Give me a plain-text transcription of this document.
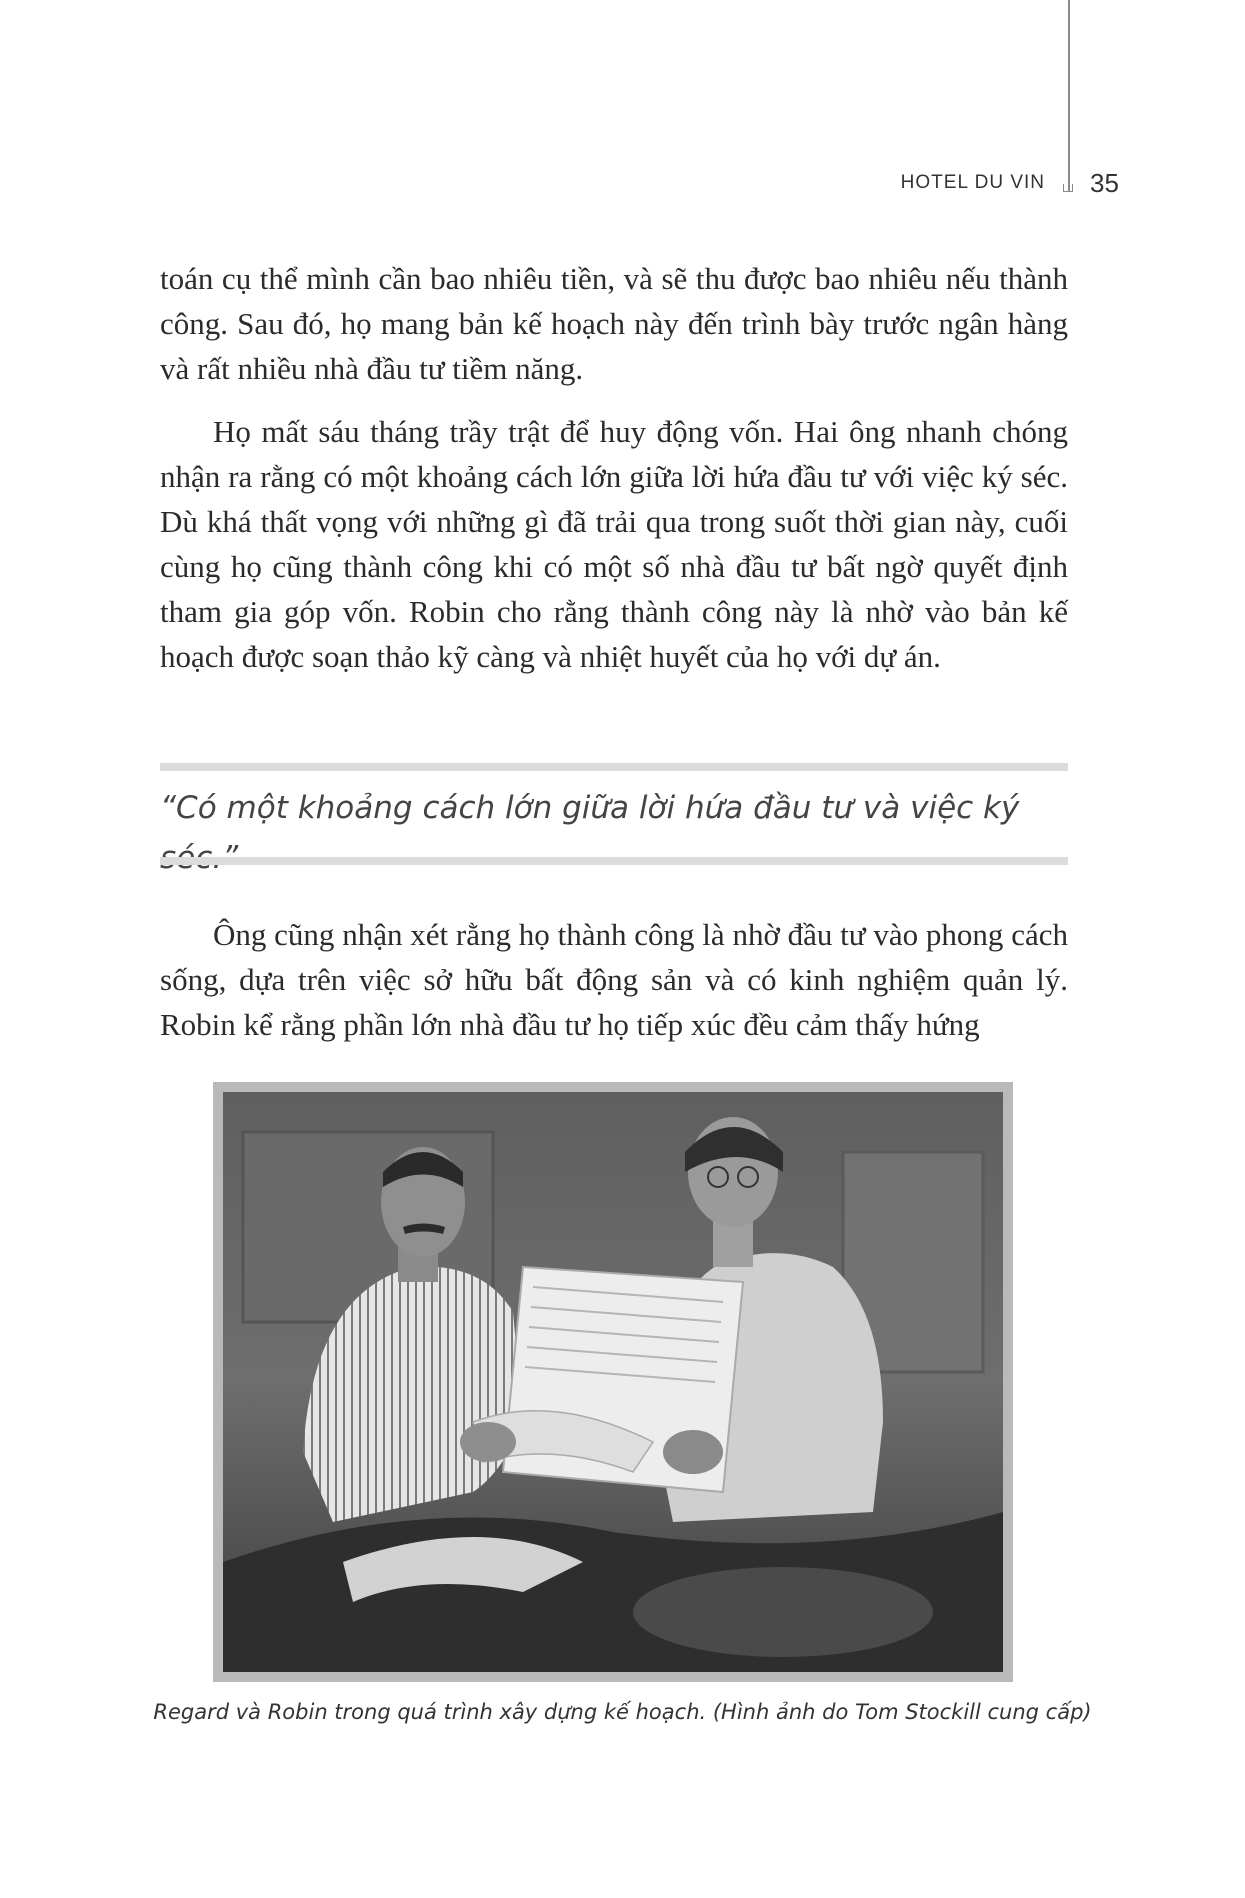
HOTEL DU VIN 35

toán cụ thể mình cần bao nhiêu tiền, và sẽ thu được bao nhiêu nếu thành công. Sau đó, họ mang bản kế hoạch này đến trình bày trước ngân hàng và rất nhiều nhà đầu tư tiềm năng.

Họ mất sáu tháng trầy trật để huy động vốn. Hai ông nhanh chóng nhận ra rằng có một khoảng cách lớn giữa lời hứa đầu tư với việc ký séc. Dù khá thất vọng với những gì đã trải qua trong suốt thời gian này, cuối cùng họ cũng thành công khi có một số nhà đầu tư bất ngờ quyết định tham gia góp vốn. Robin cho rằng thành công này là nhờ vào bản kế hoạch được soạn thảo kỹ càng và nhiệt huyết của họ với dự án.

“Có một khoảng cách lớn giữa lời hứa đầu tư và việc ký

Ông cũng nhận xét rằng họ thành công là nhờ đầu tư vào phong cách sống, dựa trên việc sở hữu bất động sản và có kinh nghiệm quản lý. Robin kể rằng phần lớn nhà đầu tư họ tiếp xúc đều cảm thấy hứng

Regard và Robin trong quá trình xây dựng kế hoạch. (Hình ảnh do Tom Stockill cung cấp)
